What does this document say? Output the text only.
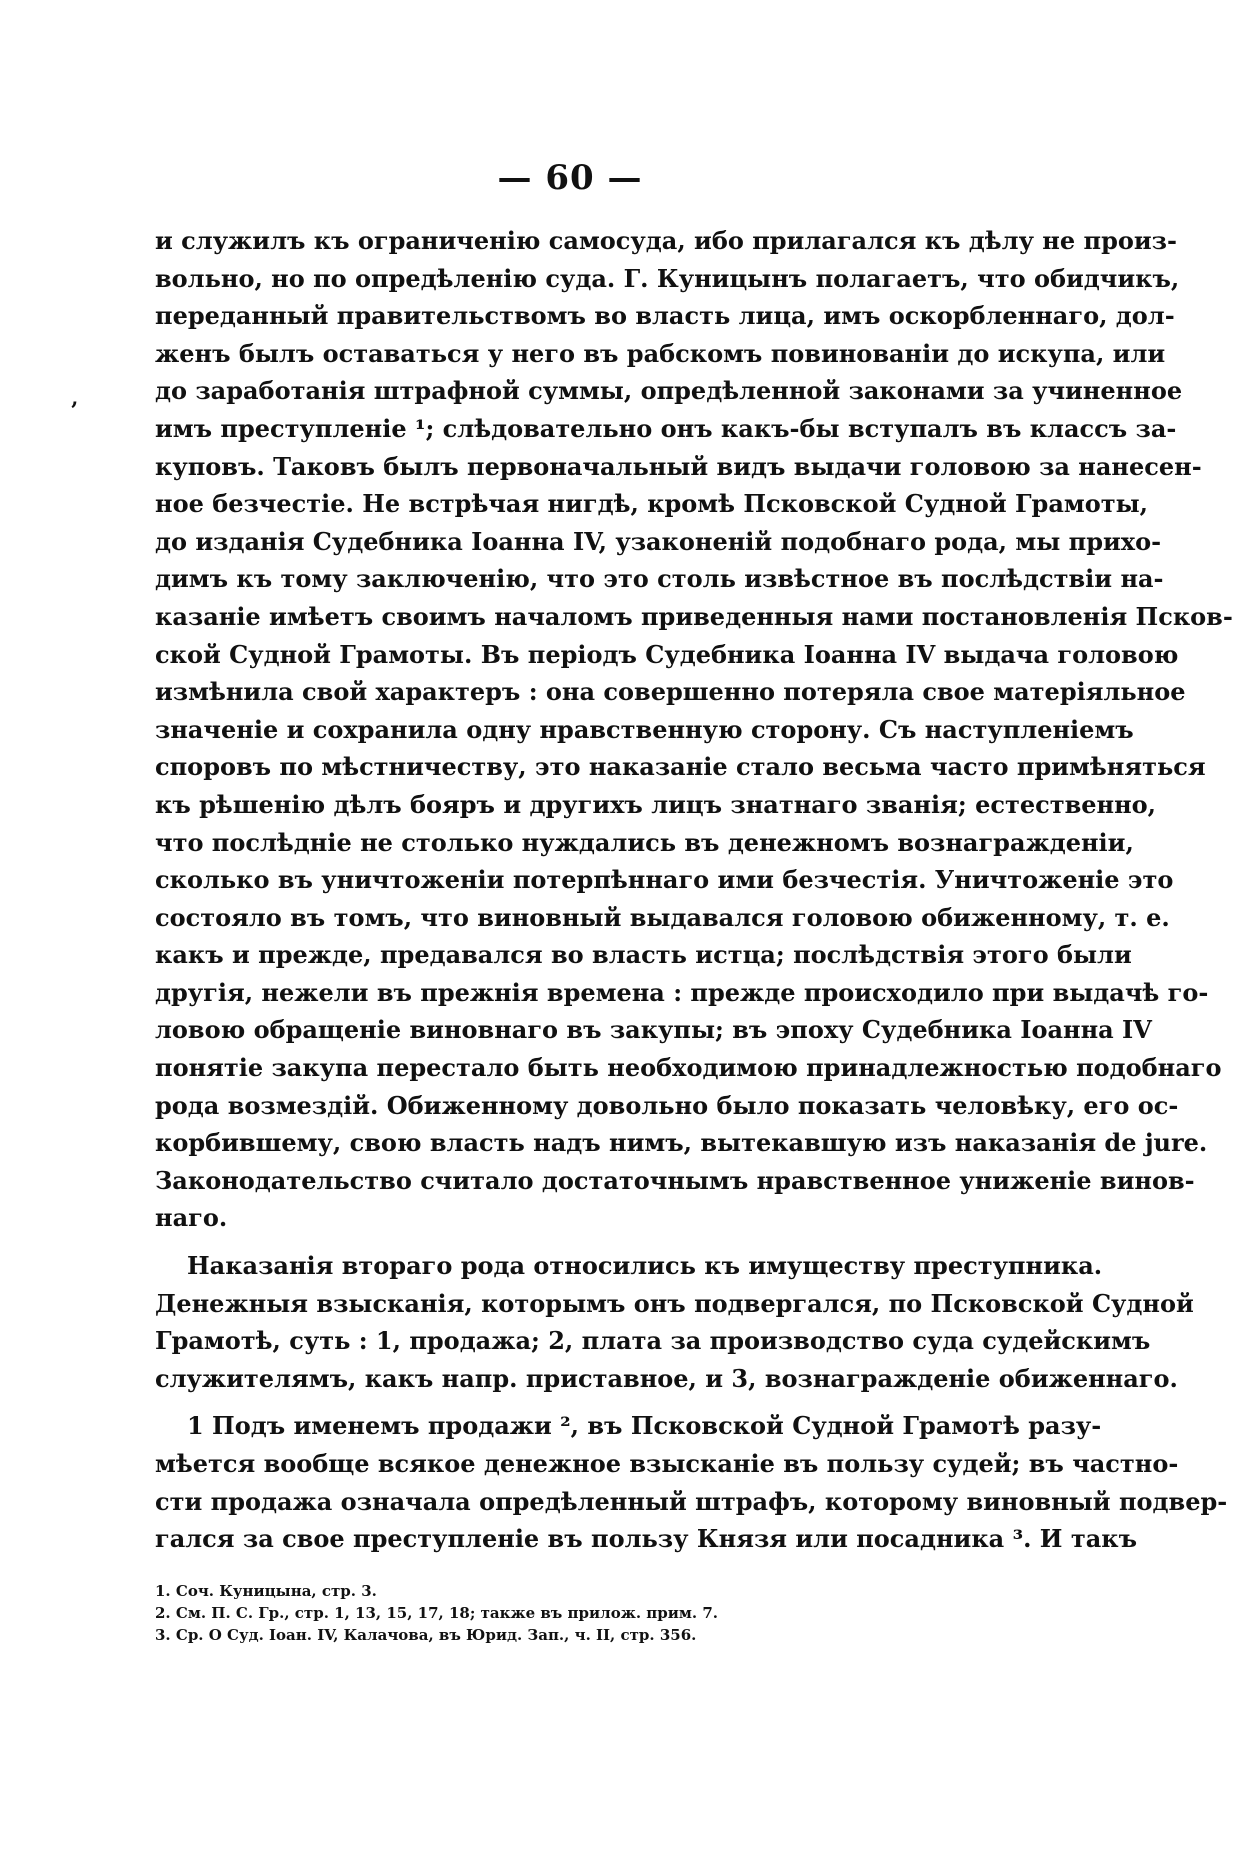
— 60 —
ʼ
и служилъ къ ограниченію самосуда, ибо прилагался къ дѣлу не произ-
вольно, но по опредѣленію суда. Г. Куницынъ полагаетъ, что обидчикъ,
переданный правительствомъ во власть лица, имъ оскорбленнаго, дол-
женъ былъ оставаться у него въ рабскомъ повинованіи до искупа, или
до заработанія штрафной суммы, опредѣленной законами за учиненное
имъ преступленіе ¹; слѣдовательно онъ какъ-бы вступалъ въ классъ за-
куповъ. Таковъ былъ первоначальный видъ выдачи головою за нанесен-
ное безчестіе. Не встрѣчая нигдѣ, кромѣ Псковской Судной Грамоты,
до изданія Судебника Іоанна IV, узаконеній подобнаго рода, мы прихо-
димъ къ тому заключенію, что это столь извѣстное въ послѣдствіи на-
казаніе имѣетъ своимъ началомъ приведенныя нами постановленія Псков-
ской Судной Грамоты. Въ періодъ Судебника Іоанна IV выдача головою
измѣнила свой характеръ : она совершенно потеряла свое матеріяльное
значеніе и сохранила одну нравственную сторону. Съ наступленіемъ
споровъ по мѣстничеству, это наказаніе стало весьма часто примѣняться
къ рѣшенію дѣлъ бояръ и другихъ лицъ знатнаго званія; естественно,
что послѣдніе не столько нуждались въ денежномъ вознагражденіи,
сколько въ уничтоженіи потерпѣннаго ими безчестія. Уничтоженіе это
состояло въ томъ, что виновный выдавался головою обиженному, т. е.
какъ и прежде, предавался во власть истца; послѣдствія этого были
другія, нежели въ прежнія времена : прежде происходило при выдачѣ го-
ловою обращеніе виновнаго въ закупы; въ эпоху Судебника Іоанна IV
понятіе закупа перестало быть необходимою принадлежностью подобнаго
рода возмездій. Обиженному довольно было показать человѣку, его ос-
корбившему, свою власть надъ нимъ, вытекавшую изъ наказанія de jure.
Законодательство считало достаточнымъ нравственное униженіе винов-
наго.
Наказанія втораго рода относились къ имуществу преступника.
Денежныя взысканія, которымъ онъ подвергался, по Псковской Судной
Грамотѣ, суть : 1, продажа; 2, плата за производство суда судейскимъ
служителямъ, какъ напр. приставное, и 3, вознагражденіе обиженнаго.
1 Подъ именемъ продажи ², въ Псковской Судной Грамотѣ разу-
мѣется вообще всякое денежное взысканіе въ пользу судей; въ частно-
сти продажа означала опредѣленный штрафъ, которому виновный подвер-
гался за свое преступленіе въ пользу Князя или посадника ³. И такъ
1. Соч. Куницына, стр. 3.
2. См. П. С. Гр., стр. 1, 13, 15, 17, 18; также въ прилож. прим. 7.
3. Ср. О Суд. Іоан. IV, Калачова, въ Юрид. Зап., ч. II, стр. 356.
